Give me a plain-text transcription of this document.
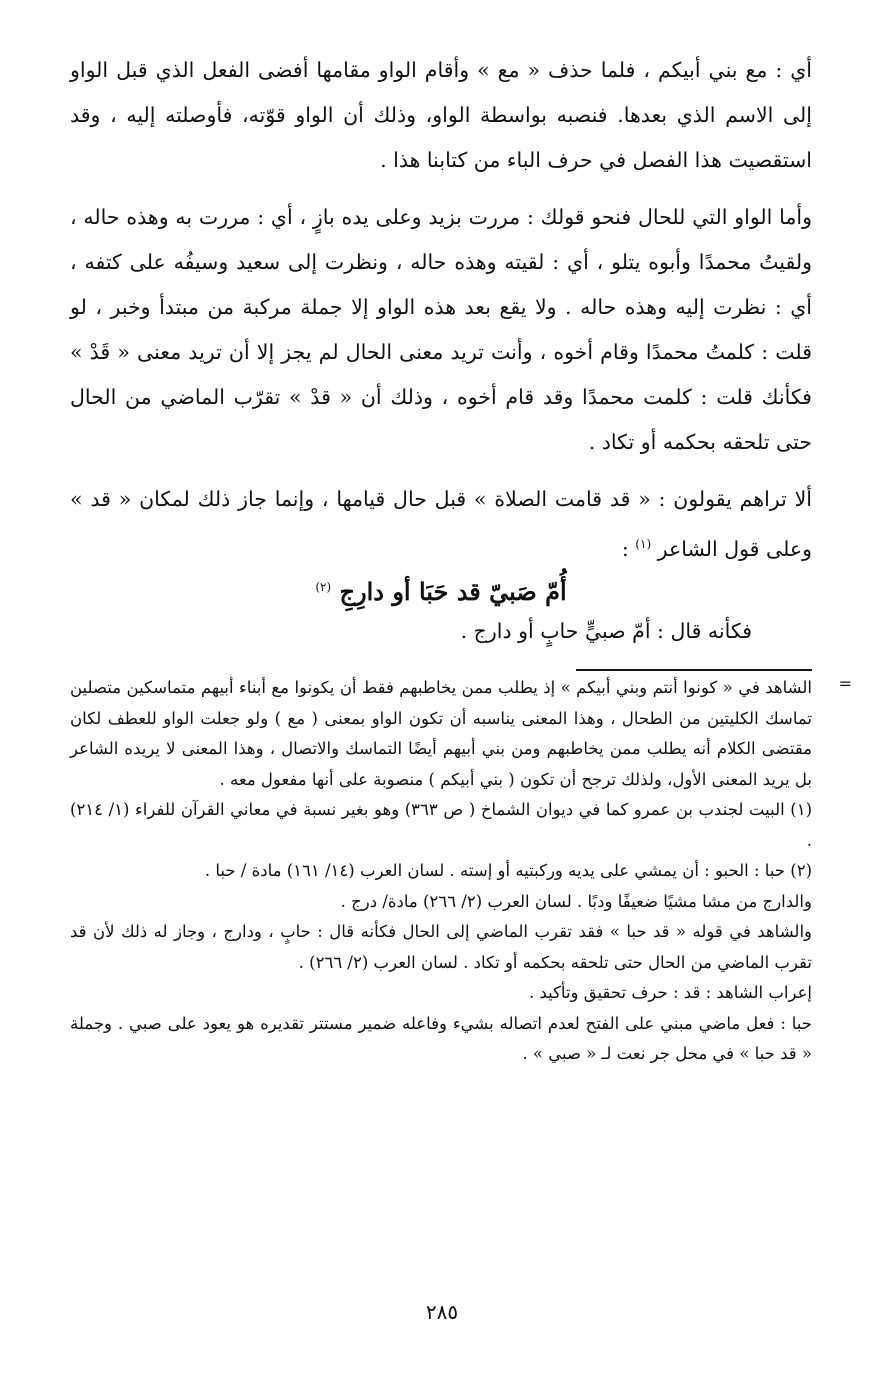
أي : مع بني أبيكم ، فلما حذف « مع » وأقام الواو مقامها أفضى الفعل الذي قبل الواو إلى الاسم الذي بعدها. فنصبه بواسطة الواو، وذلك أن الواو قوّته، فأوصلته إليه ، وقد استقصيت هذا الفصل في حرف الباء من كتابنا هذا .

وأما الواو التي للحال فنحو قولك : مررت بزيد وعلى يده بازٍ ، أي : مررت به وهذه حاله ، ولقيتُ محمدًا وأبوه يتلو ، أي : لقيته وهذه حاله ، ونظرت إلى سعيد وسيفُه على كتفه ، أي : نظرت إليه وهذه حاله . ولا يقع بعد هذه الواو إلا جملة مركبة من مبتدأ وخبر ، لو قلت : كلمتُ محمدًا وقام أخوه ، وأنت تريد معنى الحال لم يجز إلا أن تريد معنى « قَدْ » فكأنك قلت : كلمت محمدًا وقد قام أخوه ، وذلك أن « قدْ » تقرّب الماضي من الحال حتى تلحقه بحكمه أو تكاد .

ألا تراهم يقولون : « قد قامت الصلاة » قبل حال قيامها ، وإنما جاز ذلك لمكان « قد » وعلى قول الشاعر $^{(١)}$ :

أُمّ صَبيّ قد حَبَا أو دارِجِ $^{(٢)}$

فكأنه قال : أمّ صبيٍّ حابٍ أو دارج .

=

الشاهد في « كونوا أنتم وبني أبيكم » إذ يطلب ممن يخاطبهم فقط أن يكونوا مع أبناء أبيهم متماسكين متصلين تماسك الكليتين من الطحال ، وهذا المعنى يناسبه أن تكون الواو بمعنى ( مع ) ولو جعلت الواو للعطف لكان مقتضى الكلام أنه يطلب ممن يخاطبهم ومن بني أبيهم أيضًا التماسك والاتصال ، وهذا المعنى لا يريده الشاعر بل يريد المعنى الأول، ولذلك ترجح أن تكون ( بني أبيكم ) منصوبة على أنها مفعول معه .

(١) البيت لجندب بن عمرو كما في ديوان الشماخ ( ص ٣٦٣) وهو بغير نسبة في معاني القرآن للفراء (١/ ٢١٤) .

(٢) حبا : الحبو : أن يمشي على يديه وركبتيه أو إسته . لسان العرب (١٤/ ١٦١) مادة / حبا .

والدارج من مشا مشيًا ضعيفًا ودبًا . لسان العرب (٢/ ٢٦٦) مادة/ درج .

والشاهد في قوله « قد حبا » فقد تقرب الماضي إلى الحال فكأنه قال : حابٍ ، ودارج ، وجاز له ذلك لأن قد تقرب الماضي من الحال حتى تلحقه بحكمه أو تكاد . لسان العرب (٢/ ٢٦٦) .

إعراب الشاهد : قد : حرف تحقيق وتأكيد .

حبا : فعل ماضي مبني على الفتح لعدم اتصاله بشيء وفاعله ضمير مستتر تقديره هو يعود على صبي . وجملة « قد حبا » في محل جر نعت لـ « صبي » .

٢٨٥
